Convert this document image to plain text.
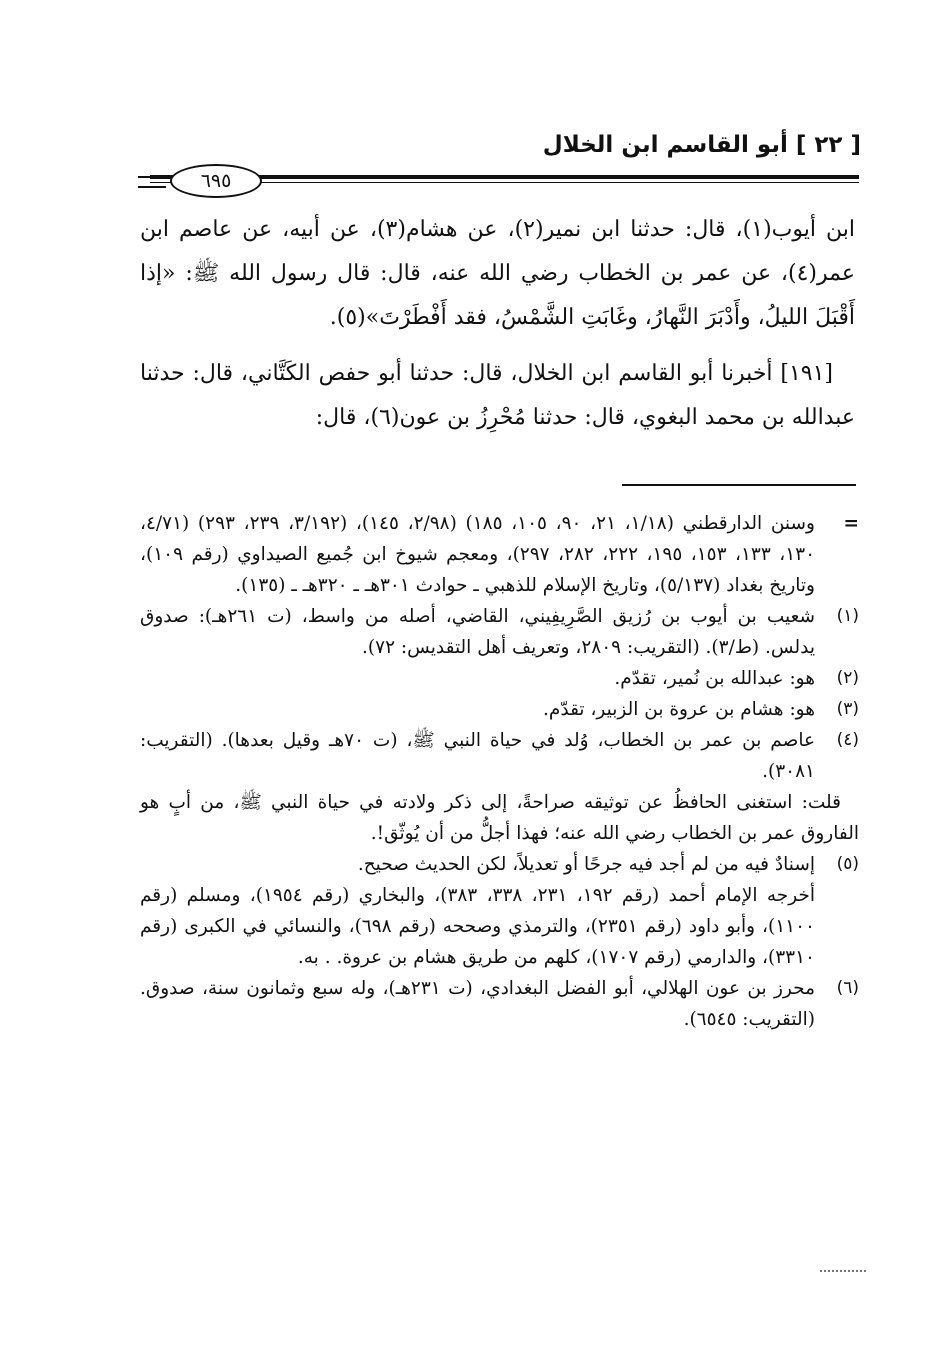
[ ٢٢ ] أبو القاسم ابن الخلال
٦٩٥

ابن أيوب(١)، قال: حدثنا ابن نمير(٢)، عن هشام(٣)، عن أبيه، عن عاصم ابن عمر(٤)، عن عمر بن الخطاب رضي الله عنه، قال: قال رسول الله ﷺ: «إذا أَقْبَلَ الليلُ، وأَدْبَرَ النَّهارُ، وغَابَتِ الشَّمْسُ، فقد أَفْطَرْتَ»(٥).

[١٩١] أخبرنا أبو القاسم ابن الخلال، قال: حدثنا أبو حفص الكَتَّاني، قال: حدثنا عبدالله بن محمد البغوي، قال: حدثنا مُحْرِزُ بن عون(٦)، قال:

=

وسنن الدارقطني (١/١٨، ٢١، ٩٠، ١٠٥، ١٨٥) (٢/٩٨، ١٤٥)، (٣/١٩٢، ٢٣٩، ٢٩٣) (٤/٧١، ١٣٠، ١٣٣، ١٥٣، ١٩٥، ٢٢٢، ٢٨٢، ٢٩٧)، ومعجم شيوخ ابن جُميع الصيداوي (رقم ١٠٩)، وتاريخ بغداد (٥/١٣٧)، وتاريخ الإسلام للذهبي ـ حوادث ٣٠١هـ ـ ٣٢٠هـ ـ (١٣٥).

(١)

شعيب بن أيوب بن رُزيق الصَّرِيفِيني، القاضي، أصله من واسط، (ت ٢٦١هـ): صدوق يدلس. (ط/٣). (التقريب: ٢٨٠٩، وتعريف أهل التقديس: ٧٢).

(٢)

هو: عبدالله بن نُمير، تقدّم.

(٣)

هو: هشام بن عروة بن الزبير، تقدّم.

(٤)

عاصم بن عمر بن الخطاب، وُلد في حياة النبي ﷺ، (ت ٧٠هـ وقيل بعدها). (التقريب: ٣٠٨١).

قلت: استغنى الحافظُ عن توثيقه صراحةً، إلى ذكر ولادته في حياة النبي ﷺ، من أبٍ هو الفاروق عمر بن الخطاب رضي الله عنه؛ فهذا أجلُّ من أن يُوثّق!.

(٥)

إسنادٌ فيه من لم أجد فيه جرحًا أو تعديلاً، لكن الحديث صحيح.

أخرجه الإمام أحمد (رقم ١٩٢، ٢٣١، ٣٣٨، ٣٨٣)، والبخاري (رقم ١٩٥٤)، ومسلم (رقم ١١٠٠)، وأبو داود (رقم ٢٣٥١)، والترمذي وصححه (رقم ٦٩٨)، والنسائي في الكبرى (رقم ٣٣١٠)، والدارمي (رقم ١٧٠٧)، كلهم من طريق هشام بن عروة. . به.

(٦)

محرز بن عون الهلالي، أبو الفضل البغدادي، (ت ٢٣١هـ)، وله سبع وثمانون سنة، صدوق. (التقريب: ٦٥٤٥).
